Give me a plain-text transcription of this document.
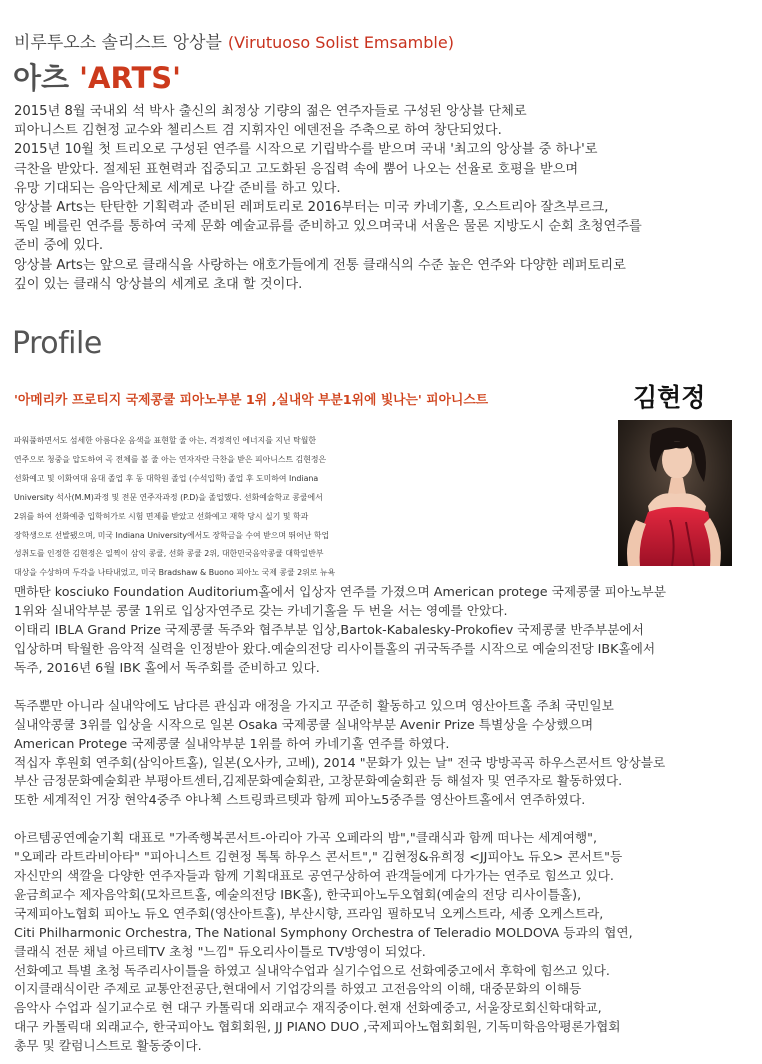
비루투오소 솔리스트 앙상블 (Virutuoso Solist Emsamble)
아츠 'ARTS'

2015년 8월 국내외 석 박사 출신의 최정상 기량의 젊은 연주자들로 구성된 앙상블 단체로

피아니스트 김현정 교수와 첼리스트 겸 지휘자인 에덴전을 주축으로 하여 창단되었다.

2015년 10월 첫 트리오로 구성된 연주를 시작으로 기립박수를 받으며 국내 '최고의 앙상블 중 하나'로

극찬을 받았다. 절제된 표현력과 집중되고 고도화된 응집력 속에 뿜어 나오는 선율로 호평을 받으며

유망 기대되는 음악단체로 세계로 나갈 준비를 하고 있다.

앙상블 Arts는 탄탄한 기획력과 준비된 레퍼토리로 2016부터는 미국 카네기홀, 오스트리아 잘츠부르크,

독일 베를린 연주를 통하여 국제 문화 예술교류를 준비하고 있으며국내 서울은 물론 지방도시 순회 초청연주를

준비 중에 있다.

앙상블 Arts는 앞으로 클래식을 사랑하는 애호가들에게 전통 클래식의 수준 높은 연주와 다양한 레퍼토리로

깊이 있는 클래식 앙상블의 세계로 초대 할 것이다.

Profile
'아메리카 프로티지 국제콩쿨 피아노부분 1위 ,실내악 부분1위에 빛나는' 피아니스트	김현정
파워풀하면서도 섬세한 아름다운 음색을 표현할 줄 아는, 격정적인 에너지를 지닌 탁월한
연주으로 청중을 압도하여 곡 전체를 볼 줄 아는 연자자란 극찬을 받은 피아니스트 김현정은
선화예고 및 이화여대 음대 졸업 후 동 대학원 졸업 (수석입학) 졸업 후 도미하여 Indiana
University 석사(M.M)과정 및 전문 연주자과정 (P.D)을 졸업했다. 선화예술학교 콩쿨에서
2위를 하여 선화예중 입학허가로 시험 면제를 받았고 선화예고 재학 당시 실기 및 학과
장학생으로 선발됐으며, 미국 Indiana University에서도 장학금을 수여 받으며 뛰어난 학업
성취도를 인정한 김현정은 일찍이 삼익 콩쿨, 선화 콩쿨 2위, 대한민국음악콩쿨 대학일반부
대상을 수상하며 두각을 나타내었고, 미국 Bradshaw & Buono 피아노 국제 콩쿨 2위로 뉴욕
맨하탄 kosciuko Foundation Auditorium홀에서 입상자 연주를 가졌으며 American protege 국제콩쿨 피아노부분
1위와 실내악부분 콩쿨 1위로 입상자연주로 갖는 카네기홀을 두 번을 서는 영예를 안았다.
이태리 IBLA Grand Prize 국제콩쿨 독주와 협주부분 입상,Bartok-Kabalesky-Prokofiev 국제콩쿨 반주부분에서
입상하며 탁월한 음악적 실력을 인정받아 왔다.예술의전당 리사이틀홀의 귀국독주를 시작으로 예술의전당 IBK홀에서
독주, 2016년 6월 IBK 홀에서 독주회를 준비하고 있다.
독주뿐만 아니라 실내악에도 남다른 관심과 애정을 가지고 꾸준히 활동하고 있으며 영산아트홀 주최 국민일보
실내악콩쿨 3위를 입상을 시작으로 일본 Osaka 국제콩쿨 실내악부분 Avenir Prize 특별상을 수상했으며
American Protege 국제콩쿨 실내악부분 1위를 하여 카네기홀 연주를 하였다.
적십자 후원회 연주회(삼익아트홀), 일본(오사카, 고베), 2014 "문화가 있는 날" 전국 방방곡곡 하우스콘서트 앙상블로
부산 금정문화예술회관 부평아트센터,김제문화예술회관, 고창문화예술회관 등 해설자 및 연주자로 활동하였다.
또한 세계적인 거장 현악4중주 야나첵 스트링콰르텟과 함께 피아노5중주를 영산아트홀에서 연주하였다.
아르템공연예술기획 대표로 "가족행복콘서트-아리아 가곡 오페라의 밤","클래식과 함께 떠나는 세계여행",
"오페라 라트라비아타" "피아니스트 김현정 톡톡 하우스 콘서트"," 김현정&유희정 <JJ피아노 듀오> 콘서트"등
자신만의 색깔을 다양한 연주자들과 함께 기획대표로 공연구상하여 관객들에게 다가가는 연주로 힘쓰고 있다.
윤금희교수 제자음악회(모차르트홀, 예술의전당 IBK홀), 한국피아노두오협회(예술의 전당 리사이틀홀),
국제피아노협회 피아노 듀오 연주회(영산아트홀), 부산시향, 프라임 필하모닉 오케스트라, 세종 오케스트라,
Citi Philharmonic Orchestra, The National Symphony Orchestra of Teleradio MOLDOVA 등과의 협연,
클래식 전문 채널 아르테TV 초청 "느낌" 듀오리사이틀로 TV방영이 되었다.
선화예고 특별 초청 독주리사이틀을 하였고 실내악수업과 실기수업으로 선화예중고에서 후학에 힘쓰고 있다.
이지클래식이란 주제로 교통안전공단,현대에서 기업강의를 하였고 고전음악의 이해, 대중문화의 이해등
음악사 수업과 실기교수로 현 대구 카톨릭대 외래교수 재직중이다.현재 선화예중고, 서울장로회신학대학교,
대구 카톨릭대 외래교수, 한국피아노 협회회원, JJ PIANO DUO ,국제피아노협회회원, 기독미학음악평론가협회
총무 및 칼럼니스트로 활동중이다.
